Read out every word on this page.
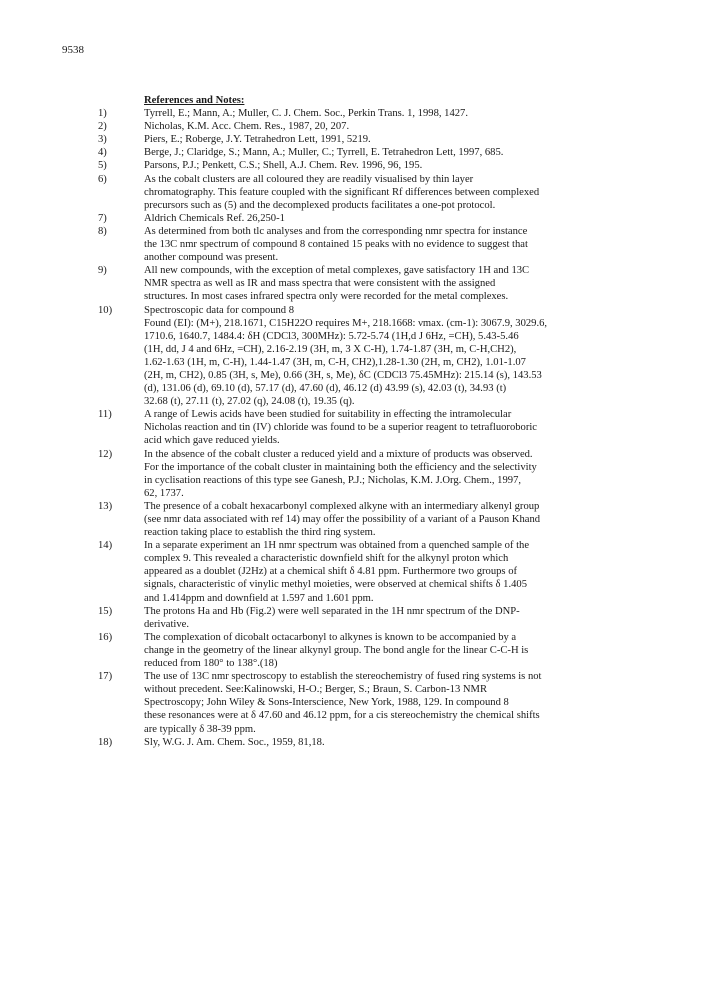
9538
References and Notes:
1)	Tyrrell, E.; Mann, A.; Muller, C. J. Chem. Soc., Perkin Trans. 1, 1998, 1427.
2)	Nicholas, K.M. Acc. Chem. Res., 1987, 20, 207.
3)	Piers, E.; Roberge, J.Y. Tetrahedron Lett, 1991, 5219.
4)	Berge, J.; Claridge, S.; Mann, A.; Muller, C.; Tyrrell, E. Tetrahedron Lett, 1997, 685.
5)	Parsons, P.J.; Penkett, C.S.; Shell, A.J. Chem. Rev. 1996, 96, 195.
6)	As the cobalt clusters are all coloured they are readily visualised by thin layer
chromatography. This feature coupled with the significant Rf differences between complexed
precursors such as (5) and the decomplexed products facilitates a one-pot protocol.
7)	Aldrich Chemicals Ref. 26,250-1
8)	As determined from both tlc analyses and from the corresponding nmr spectra for instance
the 13C nmr spectrum of compound 8 contained 15 peaks with no evidence to suggest that
another compound was present.
9)	All new compounds, with the exception of metal complexes, gave satisfactory 1H and 13C
NMR spectra as well as IR and mass spectra that were consistent with the assigned
structures. In most cases infrared spectra only were recorded for the metal complexes.
10)	Spectroscopic data for compound 8
Found (EI): (M+), 218.1671, C15H22O requires M+, 218.1668: νmax. (cm-1): 3067.9, 3029.6,
1710.6, 1640.7, 1484.4: δH (CDCl3, 300MHz): 5.72-5.74 (1H,d J 6Hz, =CH), 5.43-5.46
(1H, dd, J 4 and 6Hz, =CH), 2.16-2.19 (3H, m, 3 X C-H), 1.74-1.87 (3H, m, C-H,CH2),
1.62-1.63 (1H, m, C-H), 1.44-1.47 (3H, m, C-H, CH2),1.28-1.30 (2H, m, CH2), 1.01-1.07
(2H, m, CH2), 0.85 (3H, s, Me), 0.66 (3H, s, Me), δC (CDCl3 75.45MHz): 215.14 (s), 143.53
(d), 131.06 (d), 69.10 (d), 57.17 (d), 47.60 (d), 46.12 (d) 43.99 (s), 42.03 (t), 34.93 (t)
32.68 (t), 27.11 (t), 27.02 (q), 24.08 (t), 19.35 (q).
11)	A range of Lewis acids have been studied for suitability in effecting the intramolecular
Nicholas reaction and tin (IV) chloride was found to be a superior reagent to tetrafluoroboric
acid which gave reduced yields.
12)	In the absence of the cobalt cluster a reduced yield and a mixture of products was observed.
For the importance of the cobalt cluster in maintaining both the efficiency and the selectivity
in cyclisation reactions of this type see Ganesh, P.J.; Nicholas, K.M. J.Org. Chem., 1997,
62, 1737.
13)	The presence of a cobalt hexacarbonyl complexed alkyne with an intermediary alkenyl group
(see nmr data associated with ref 14) may offer the possibility of a variant of a Pauson Khand
reaction taking place to establish the third ring system.
14)	In a separate experiment an 1H nmr spectrum was obtained from a quenched sample of the
complex 9. This revealed a characteristic downfield shift for the alkynyl proton which
appeared as a doublet (J2Hz) at a chemical shift δ 4.81 ppm. Furthermore two groups of
signals, characteristic of vinylic methyl moieties, were observed at chemical shifts δ 1.405
and 1.414ppm and downfield at 1.597 and 1.601 ppm.
15)	The protons Ha and Hb (Fig.2) were well separated in the 1H nmr spectrum of the DNP-
derivative.
16)	The complexation of dicobalt octacarbonyl to alkynes is known to be accompanied by a
change in the geometry of the linear alkynyl group. The bond angle for the linear C-C-H is
reduced from 180° to 138°.(18)
17)	The use of 13C nmr spectroscopy to establish the stereochemistry of fused ring systems is not
without precedent. See:Kalinowski, H-O.; Berger, S.; Braun, S. Carbon-13 NMR
Spectroscopy; John Wiley & Sons-Interscience, New York, 1988, 129. In compound 8
these resonances were at δ 47.60 and 46.12 ppm, for a cis stereochemistry the chemical shifts
are typically δ 38-39 ppm.
18)	Sly, W.G. J. Am. Chem. Soc., 1959, 81,18.
